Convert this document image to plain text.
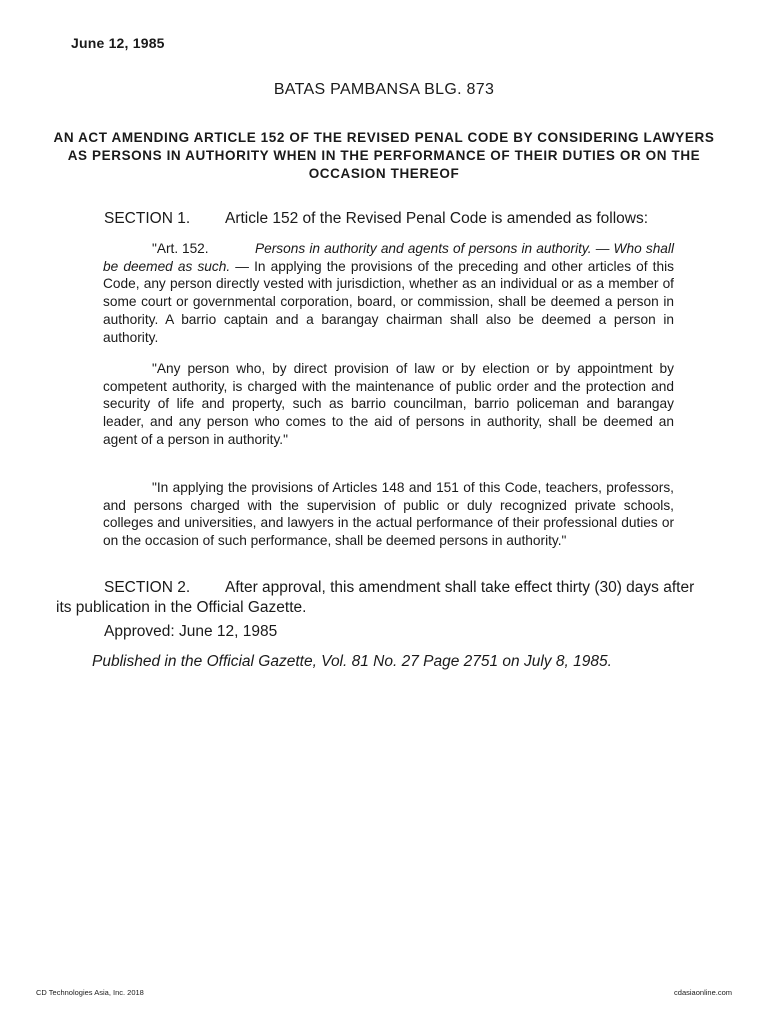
June 12, 1985
BATAS PAMBANSA BLG. 873
AN ACT AMENDING ARTICLE 152 OF THE REVISED PENAL CODE BY CONSIDERING LAWYERS AS PERSONS IN AUTHORITY WHEN IN THE PERFORMANCE OF THEIR DUTIES OR ON THE OCCASION THEREOF
SECTION 1. Article 152 of the Revised Penal Code is amended as follows:
"Art. 152.	Persons in authority and agents of persons in authority. — Who shall be deemed as such. — In applying the provisions of the preceding and other articles of this Code, any person directly vested with jurisdiction, whether as an individual or as a member of some court or governmental corporation, board, or commission, shall be deemed a person in authority. A barrio captain and a barangay chairman shall also be deemed a person in authority.
"Any person who, by direct provision of law or by election or by appointment by competent authority, is charged with the maintenance of public order and the protection and security of life and property, such as barrio councilman, barrio policeman and barangay leader, and any person who comes to the aid of persons in authority, shall be deemed an agent of a person in authority."
"In applying the provisions of Articles 148 and 151 of this Code, teachers, professors, and persons charged with the supervision of public or duly recognized private schools, colleges and universities, and lawyers in the actual performance of their professional duties or on the occasion of such performance, shall be deemed persons in authority."
SECTION 2. After approval, this amendment shall take effect thirty (30) days after its publication in the Official Gazette.
Approved: June 12, 1985
Published in the Official Gazette, Vol. 81 No. 27 Page 2751 on July 8, 1985.
CD Technologies Asia, Inc. 2018	cdasiaonline.com
